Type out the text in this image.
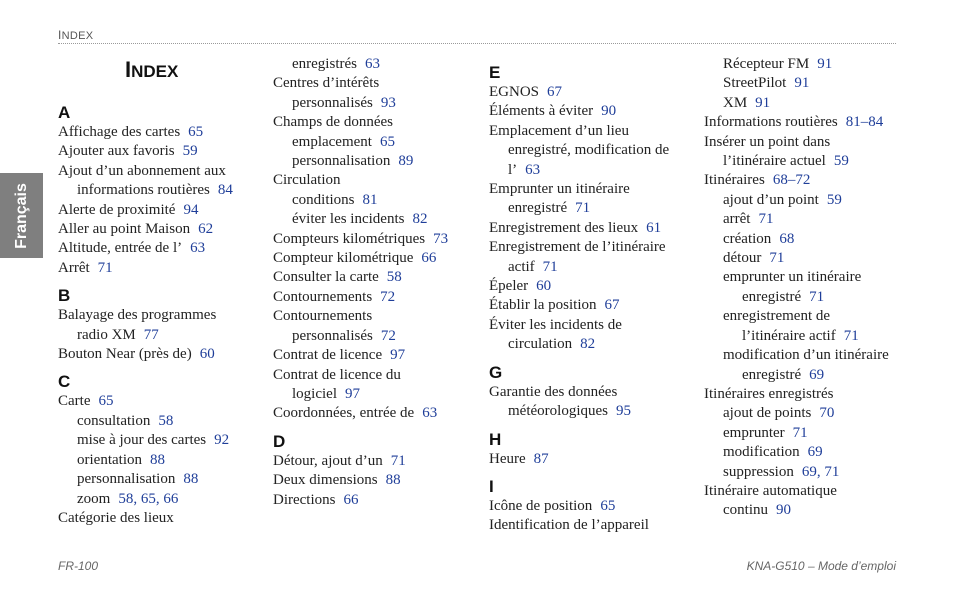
INDEX
Français
INDEX
A
Affichage des cartes 65
Ajouter aux favoris 59
Ajout d’un abonnement aux
informations routières 84
Alerte de proximité 94
Aller au point Maison 62
Altitude, entrée de l’ 63
Arrêt 71
B
Balayage des programmes
radio XM 77
Bouton Near (près de) 60
C
Carte 65
consultation 58
mise à jour des cartes 92
orientation 88
personnalisation 88
zoom 58, 65, 66
Catégorie des lieux
enregistrés 63
Centres d’intérêts
personnalisés 93
Champs de données
emplacement 65
personnalisation 89
Circulation
conditions 81
éviter les incidents 82
Compteurs kilométriques 73
Compteur kilométrique 66
Consulter la carte 58
Contournements 72
Contournements
personnalisés 72
Contrat de licence 97
Contrat de licence du
logiciel 97
Coordonnées, entrée de 63
D
Détour, ajout d’un 71
Deux dimensions 88
Directions 66
E
EGNOS 67
Éléments à éviter 90
Emplacement d’un lieu
enregistré, modification de
l’ 63
Emprunter un itinéraire
enregistré 71
Enregistrement des lieux 61
Enregistrement de l’itinéraire
actif 71
Épeler 60
Établir la position 67
Éviter les incidents de
circulation 82
G
Garantie des données
météorologiques 95
H
Heure 87
I
Icône de position 65
Identification de l’appareil
Récepteur FM 91
StreetPilot 91
XM 91
Informations routières 81–84
Insérer un point dans
l’itinéraire actuel 59
Itinéraires 68–72
ajout d’un point 59
arrêt 71
création 68
détour 71
emprunter un itinéraire
enregistré 71
enregistrement de
l’itinéraire actif 71
modification d’un itinéraire
enregistré 69
Itinéraires enregistrés
ajout de points 70
emprunter 71
modification 69
suppression 69, 71
Itinéraire automatique
continu 90
FR-100	KNA-G510 – Mode d’emploi
